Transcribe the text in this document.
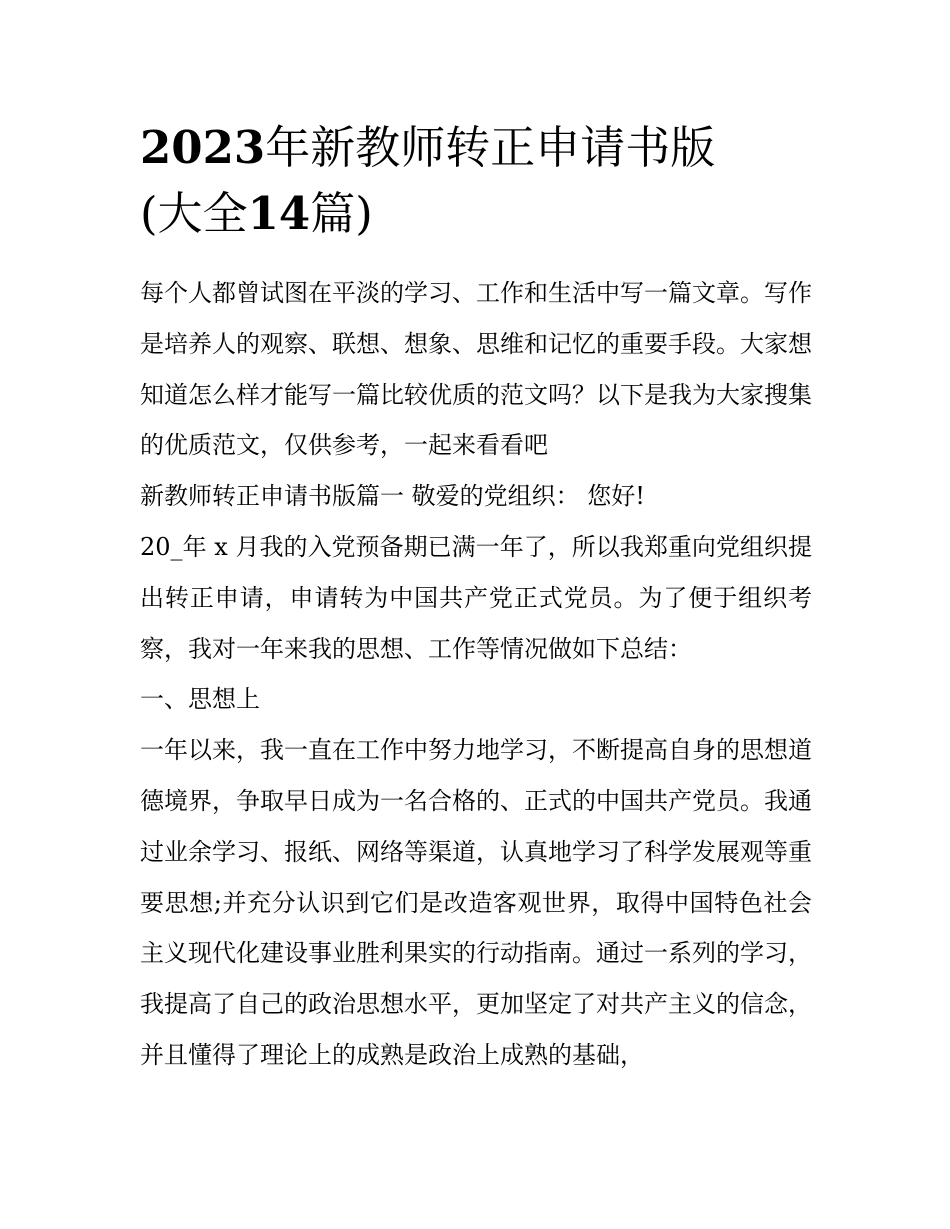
2023年新教师转正申请书版
(大全14篇)

每个人都曾试图在平淡的学习、工作和生活中写一篇文章。写作是培养人的观察、联想、想象、思维和记忆的重要手段。大家想知道怎么样才能写一篇比较优质的范文吗？以下是我为大家搜集的优质范文，仅供参考，一起来看看吧

新教师转正申请书版篇一 敬爱的党组织： 您好!

20_年 x 月我的入党预备期已满一年了，所以我郑重向党组织提出转正申请，申请转为中国共产党正式党员。为了便于组织考察，我对一年来我的思想、工作等情况做如下总结：

一、思想上

一年以来，我一直在工作中努力地学习，不断提高自身的思想道德境界，争取早日成为一名合格的、正式的中国共产党员。我通过业余学习、报纸、网络等渠道，认真地学习了科学发展观等重要思想;并充分认识到它们是改造客观世界，取得中国特色社会主义现代化建设事业胜利果实的行动指南。通过一系列的学习，我提高了自己的政治思想水平，更加坚定了对共产主义的信念，并且懂得了理论上的成熟是政治上成熟的基础，
